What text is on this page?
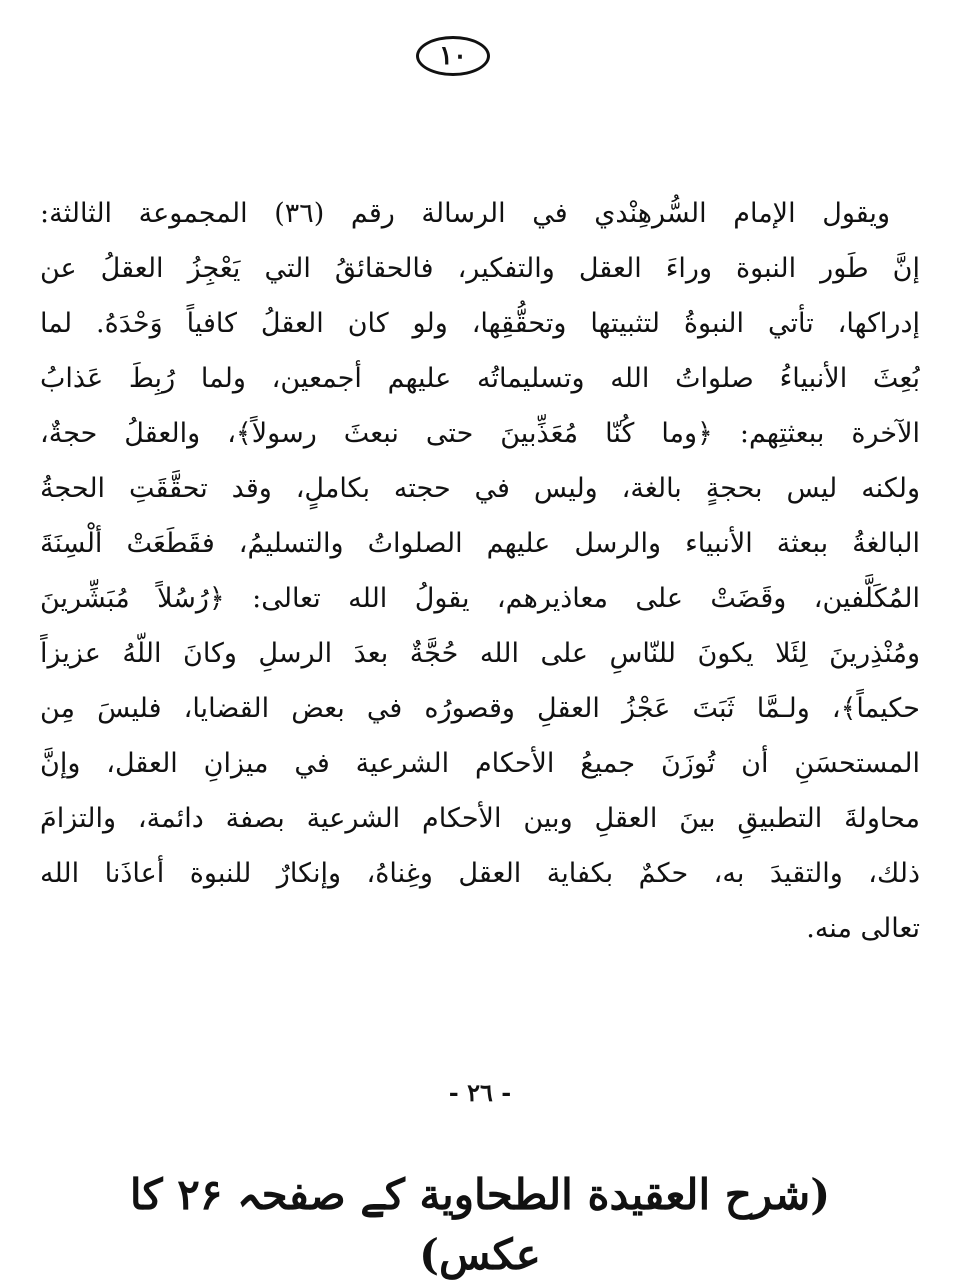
١٠
ويقول الإمام السُّرهِنْدي في الرسالة رقم (٣٦) المجموعة الثالثة:
إنَّ طَور النبوة وراءَ العقل والتفكير، فالحقائقُ التي يَعْجِزُ العقلُ عن
إدراكها، تأتي النبوةُ لتثبيتها وتحقُّقِها، ولو كان العقلُ كافياً وَحْدَهُ. لما
بُعِثَ الأنبياءُ صلواتُ الله وتسليماتُه عليهم أجمعين، ولما رُبِطَ عَذابُ
الآخرة ببعثتِهم: ﴿وما كُنّا مُعَذِّبينَ حتى نبعثَ رسولاً﴾، والعقلُ حجةٌ،
ولكنه ليس بحجةٍ بالغة، وليس في حجته بكاملٍ، وقد تحقَّقَتِ الحجةُ
البالغةُ ببعثة الأنبياء والرسل عليهم الصلواتُ والتسليمُ، فقَطَعَتْ ألْسِنَةَ
المُكَلَّفين، وقَضَتْ على معاذيرهم، يقولُ الله تعالى: ﴿رُسُلاً مُبَشِّرينَ
ومُنْذِرينَ لِئَلا يكونَ للنّاسِ على الله حُجَّةٌ بعدَ الرسلِ وكانَ اللّهُ عزيزاً
حكيماً﴾، ولـمَّا ثَبَتَ عَجْزُ العقلِ وقصورُه في بعض القضايا، فليسَ مِن
المستحسَنِ أن تُوزَنَ جميعُ الأحكام الشرعية في ميزانِ العقل، وإنَّ
محاولةَ التطبيقِ بينَ العقلِ وبين الأحكام الشرعية بصفة دائمة، والتزامَ
ذلك، والتقيدَ به، حكمٌ بكفاية العقل وغِناهُ، وإنكارٌ للنبوة أعاذَنا الله
تعالى منه.
- ٢٦ -
(شرح العقيدة الطحاوية کے صفحہ ۲۶ کا عکس)
